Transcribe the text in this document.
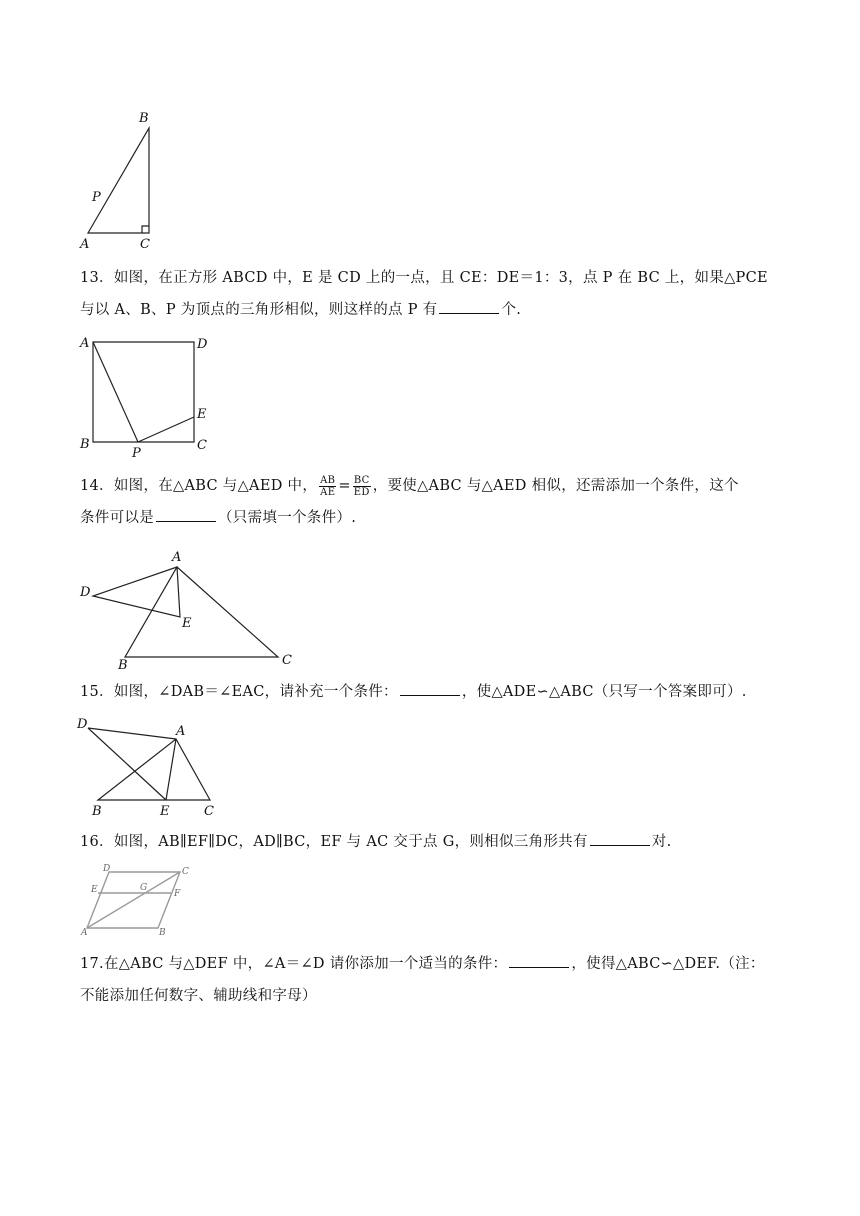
B
P
A	C
13．如图，在正方形 ABCD 中，E 是 CD 上的一点，且 CE：DE＝1：3，点 P 在 BC 上，如果△PCE
与以 A、B、P 为顶点的三角形相似，则这样的点 P 有	个.
A	D
E
B
P
C
14．如图，在△ABC 与△AED 中， $\frac{AB}{AE} = \frac{BC}{ED}$ ，要使△ABC 与△AED 相似，还需添加一个条件，这个
条件可以是	（只需填一个条件）.
A
D
E
B	C
15．如图，∠DAB＝∠EAC，请补充一个条件：	，使△ADE∽△ABC（只写一个答案即可）.
D	A
B	E	C
16．如图，AB∥EF∥DC，AD∥BC，EF 与 AC 交于点 G，则相似三角形共有	对.
D	C
E	G
F
A	B
17.在△ABC 与△DEF 中，∠A＝∠D 请你添加一个适当的条件：	，使得△ABC∽△DEF.（注：
不能添加任何数字、辅助线和字母）
